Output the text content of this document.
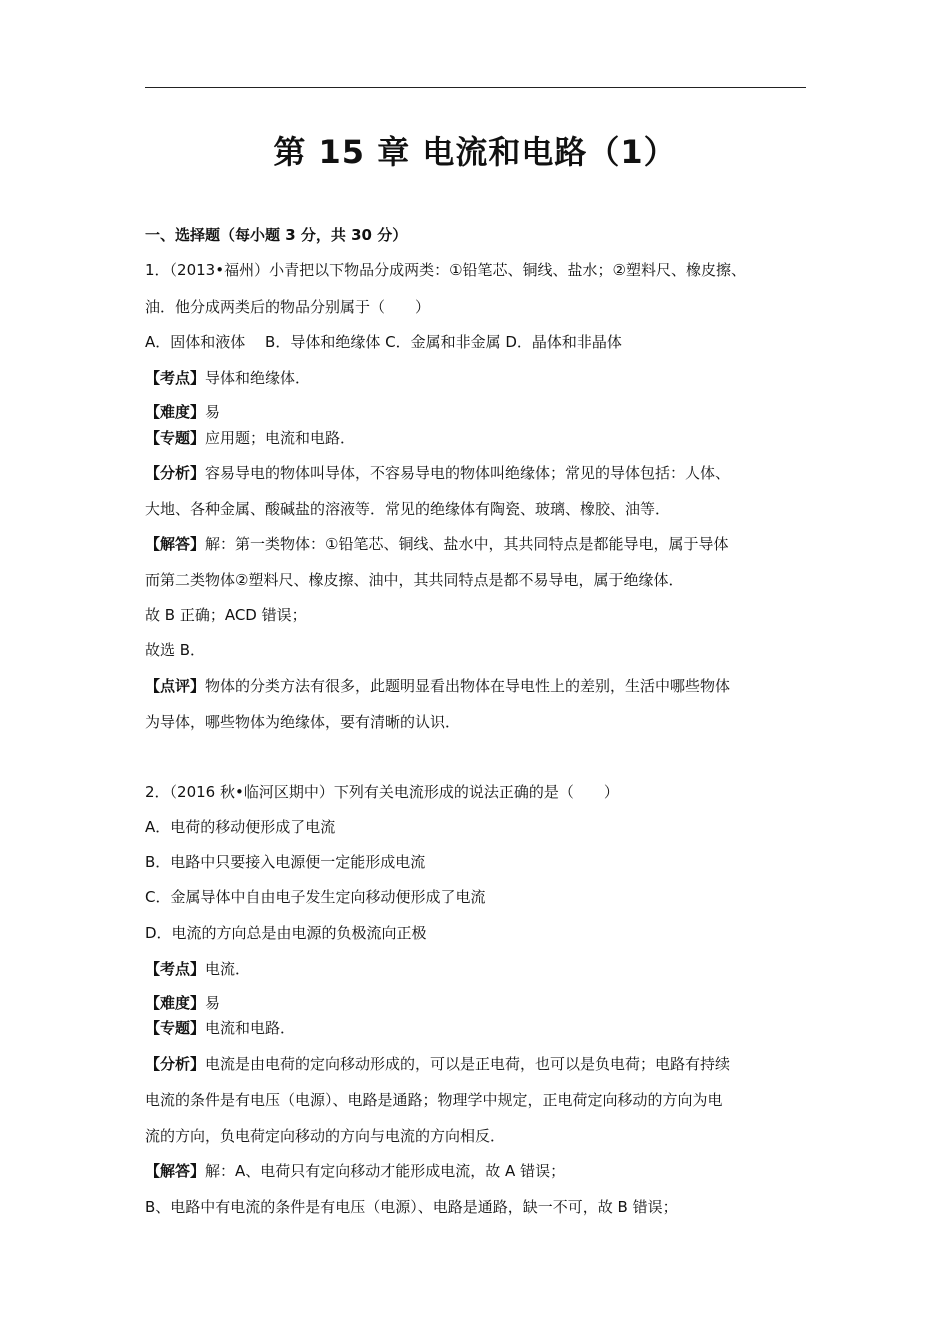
第 15 章 电流和电路（1）
一、选择题（每小题 3 分，共 30 分）
1．（2013•福州）小青把以下物品分成两类：①铅笔芯、铜线、盐水；②塑料尺、橡皮擦、
油．他分成两类后的物品分别属于（　　）
A．固体和液体　 B．导体和绝缘体 C．金属和非金属 D．晶体和非晶体
【考点】导体和绝缘体．
【难度】易
【专题】应用题；电流和电路．
【分析】容易导电的物体叫导体，不容易导电的物体叫绝缘体；常见的导体包括：人体、
大地、各种金属、酸碱盐的溶液等．常见的绝缘体有陶瓷、玻璃、橡胶、油等．
【解答】解：第一类物体：①铅笔芯、铜线、盐水中，其共同特点是都能导电，属于导体
而第二类物体②塑料尺、橡皮擦、油中，其共同特点是都不易导电，属于绝缘体．
故 B 正确；ACD 错误；
故选 B．
【点评】物体的分类方法有很多，此题明显看出物体在导电性上的差别，生活中哪些物体
为导体，哪些物体为绝缘体，要有清晰的认识．
2．（2016 秋•临河区期中）下列有关电流形成的说法正确的是（　　）
A．电荷的移动便形成了电流
B．电路中只要接入电源便一定能形成电流
C．金属导体中自由电子发生定向移动便形成了电流
D．电流的方向总是由电源的负极流向正极
【考点】电流．
【难度】易
【专题】电流和电路．
【分析】电流是由电荷的定向移动形成的，可以是正电荷，也可以是负电荷；电路有持续
电流的条件是有电压（电源）、电路是通路；物理学中规定，正电荷定向移动的方向为电
流的方向，负电荷定向移动的方向与电流的方向相反．
【解答】解：A、电荷只有定向移动才能形成电流，故 A 错误；
B、电路中有电流的条件是有电压（电源）、电路是通路，缺一不可，故 B 错误；
